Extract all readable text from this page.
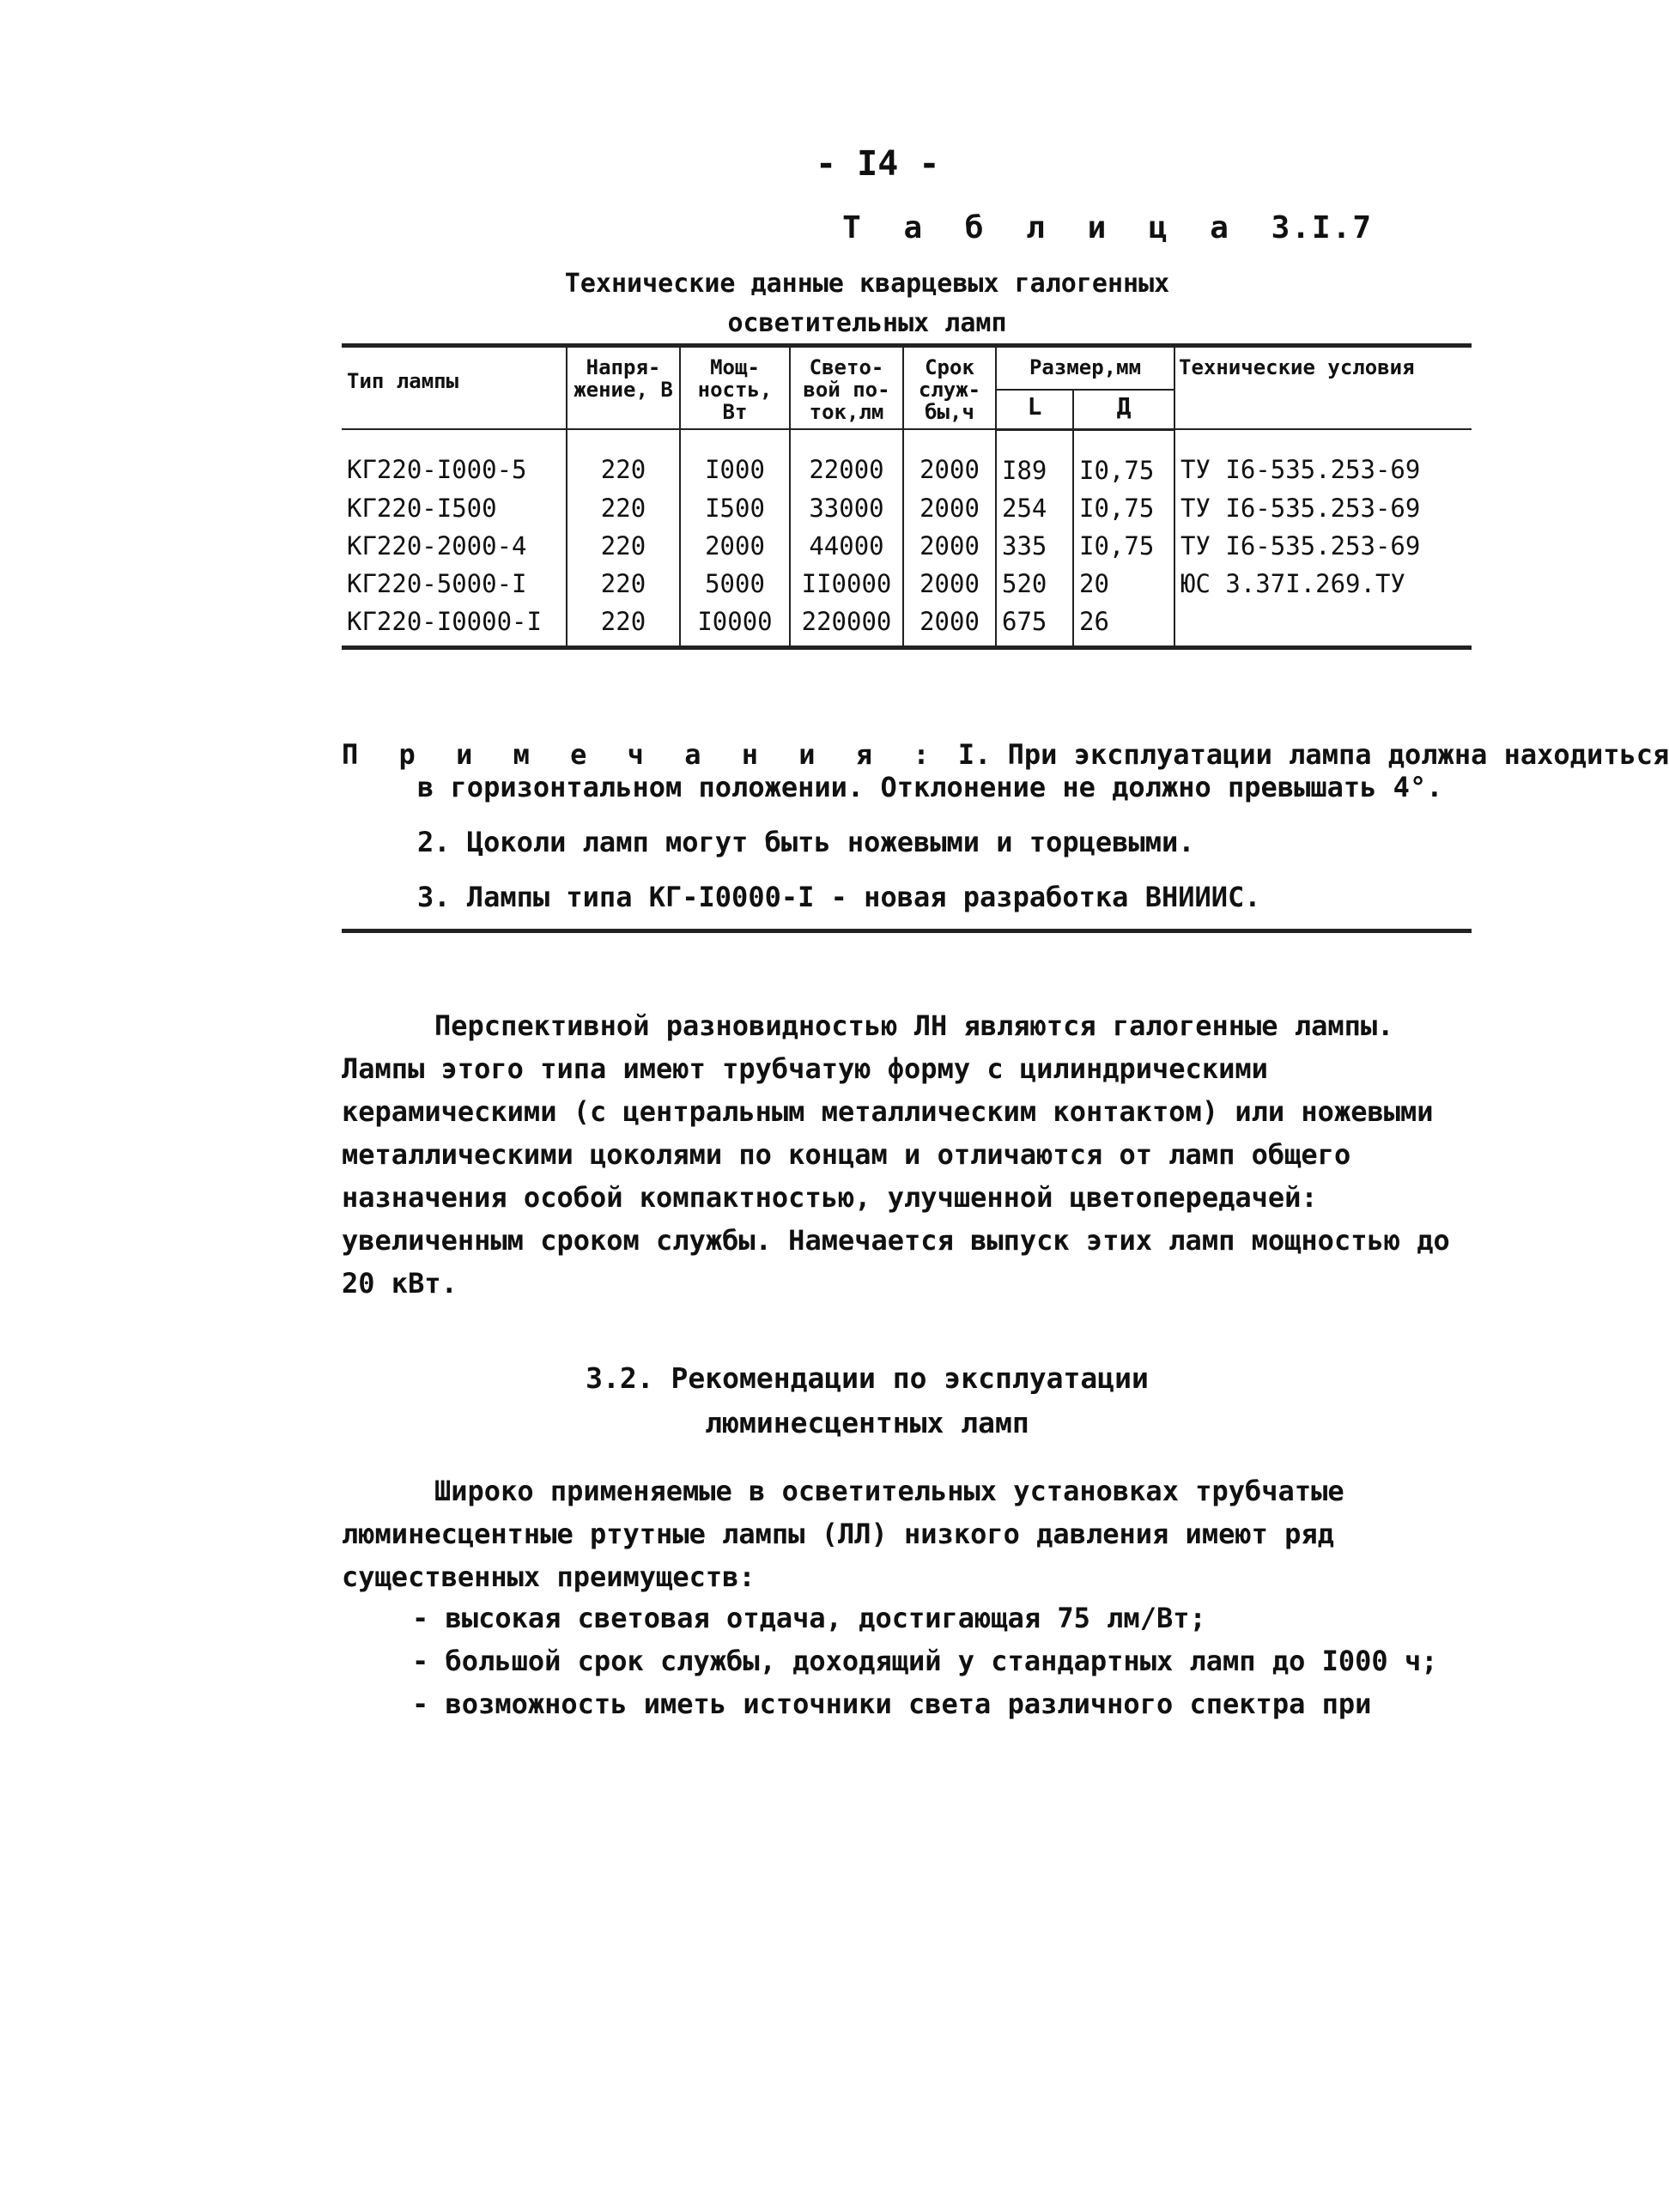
- I4 -
Т а б л и ц а 3.I.7
Технические данные кварцевых галогенных
осветительных ламп
Тип лампы	Напря-жение, В	Мощ-ность, Вт	Свето-вой по-ток,лм	Срок служ-бы,ч	Размер,мм		Технические условия
					L	Д	
КГ220-I000-5	220	I000	22000	2000	I89	I0,75	ТУ I6-535.253-69
КГ220-I500	220	I500	33000	2000	254	I0,75	ТУ I6-535.253-69
КГ220-2000-4	220	2000	44000	2000	335	I0,75	ТУ I6-535.253-69
КГ220-5000-I	220	5000	II0000	2000	520	20	ЮС 3.37I.269.ТУ
КГ220-I0000-I	220	I0000	220000	2000	675	26	
П р и м е ч а н и я : I. При эксплуатации лампа должна находиться
в горизонтальном положении. Отклонение не должно превышать 4°.
2. Цоколи ламп могут быть ножевыми и торцевыми.
3. Лампы типа КГ-I0000-I - новая разработка ВНИИИС.

Перспективной разновидностью ЛН являются галогенные лампы. Лампы этого типа имеют трубчатую форму с цилиндрическими керамическими (с центральным металлическим контактом) или ножевыми металлическими цоколями по концам и отличаются от ламп общего назначения особой компактностью, улучшенной цветопередачей: увеличенным сроком службы. Намечается выпуск этих ламп мощностью до 20 кВт.

3.2. Рекомендации по эксплуатации
люминесцентных ламп

Широко применяемые в осветительных установках трубчатые люминесцентные ртутные лампы (ЛЛ) низкого давления имеют ряд существенных преимуществ:

- высокая световая отдача, достигающая 75 лм/Вт;
- большой срок службы, доходящий у стандартных ламп до I000 ч;
- возможность иметь источники света различного спектра при
